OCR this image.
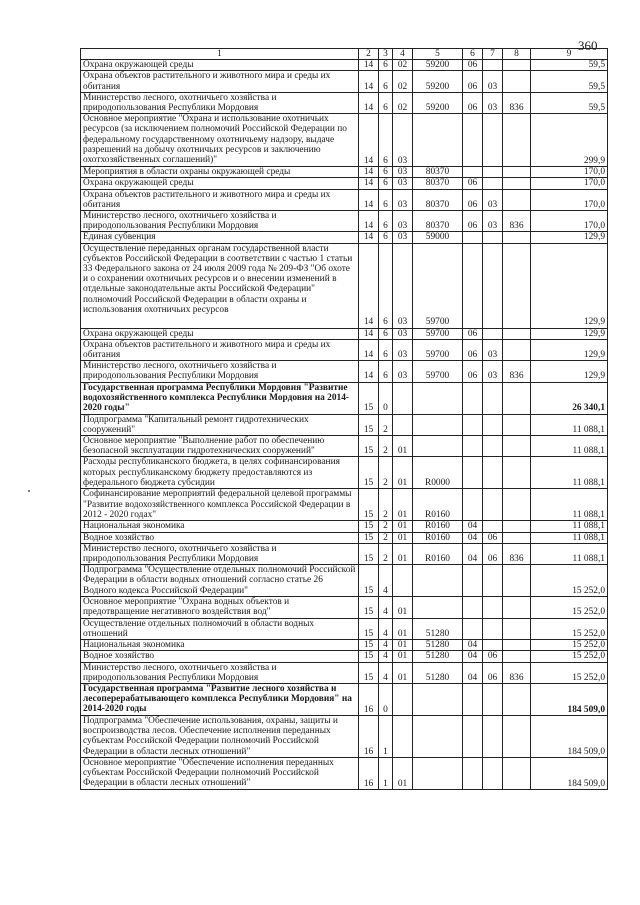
360
1	2	3	4	5	6	7	8	9
Охрана окружающей среды	14	6	02	59200	06			59,5
Охрана объектов растительного и животного мира и среды их обитания	14	6	02	59200	06	03		59,5
Министерство лесного, охотничьего хозяйства и природопользования Республики Мордовия	14	6	02	59200	06	03	836	59,5
Основное мероприятие "Охрана и использование охотничьих ресурсов (за исключением полномочий Российской Федерации по федеральному государственному охотничьему надзору, выдаче разрешений на добычу охотничьих ресурсов и заключению охотхозяйственных соглашений)"	14	6	03					299,9
Мероприятия в области охраны окружающей среды	14	6	03	80370				170,0
Охрана окружающей среды	14	6	03	80370	06			170,0
Охрана объектов растительного и животного мира и среды их обитания	14	6	03	80370	06	03		170,0
Министерство лесного, охотничьего хозяйства и природопользования Республики Мордовия	14	6	03	80370	06	03	836	170,0
Единая субвенция	14	6	03	59000				129,9
Осуществление переданных органам государственной власти субъектов Российской Федерации в соответствии с частью 1 статьи 33 Федерального закона от 24 июля 2009 года № 209-ФЗ "Об охоте и о сохранении охотничьих ресурсов и о внесении изменений в отдельные законодательные акты Российской Федерации" полномочий Российской Федерации в области охраны и использования охотничьих ресурсов	14	6	03	59700				129,9
Охрана окружающей среды	14	6	03	59700	06			129,9
Охрана объектов растительного и животного мира и среды их обитания	14	6	03	59700	06	03		129,9
Министерство лесного, охотничьего хозяйства и природопользования Республики Мордовия	14	6	03	59700	06	03	836	129,9
Государственная программа Республики Мордовия "Развитие водохозяйственного комплекса Республики Мордовия на 2014-2020 годы"	15	0						26 340,1
Подпрограмма "Капитальный ремонт гидротехнических сооружений"	15	2						11 088,1
Основное мероприятие "Выполнение работ по обеспечению безопасной эксплуатации гидротехнических сооружений"	15	2	01					11 088,1
Расходы республиканского бюджета, в целях софинансирования которых республиканскому бюджету предоставляются из федерального бюджета субсидии	15	2	01	R0000				11 088,1
Софинансирование мероприятий федеральной целевой программы "Развитие водохозяйственного комплекса Российской Федерации в 2012 - 2020 годах"	15	2	01	R0160				11 088,1
Национальная экономика	15	2	01	R0160	04			11 088,1
Водное хозяйство	15	2	01	R0160	04	06		11 088,1
Министерство лесного, охотничьего хозяйства и природопользования Республики Мордовия	15	2	01	R0160	04	06	836	11 088,1
Подпрограмма "Осуществление отдельных полномочий Российской Федерации в области водных отношений согласно статье 26 Водного кодекса Российской Федерации"	15	4						15 252,0
Основное мероприятие "Охрана водных объектов и предотвращение негативного воздействия вод"	15	4	01					15 252,0
Осуществление отдельных полномочий в области водных отношений	15	4	01	51280				15 252,0
Национальная экономика	15	4	01	51280	04			15 252,0
Водное хозяйство	15	4	01	51280	04	06		15 252,0
Министерство лесного, охотничьего хозяйства и природопользования Республики Мордовия	15	4	01	51280	04	06	836	15 252,0
Государственная программа "Развитие лесного хозяйства и лесоперерабатывающего комплекса Республики Мордовия" на 2014-2020 годы	16	0						184 509,0
Подпрограмма "Обеспечение использования, охраны, защиты и воспроизводства лесов. Обеспечение исполнения переданных субъектам Российской Федерации полномочий Российской Федерации в области лесных отношений"	16	1						184 509,0
Основное мероприятие "Обеспечение исполнения переданных субъектам Российской Федерации полномочий Российской Федерации в области лесных отношений"	16	1	01					184 509,0
